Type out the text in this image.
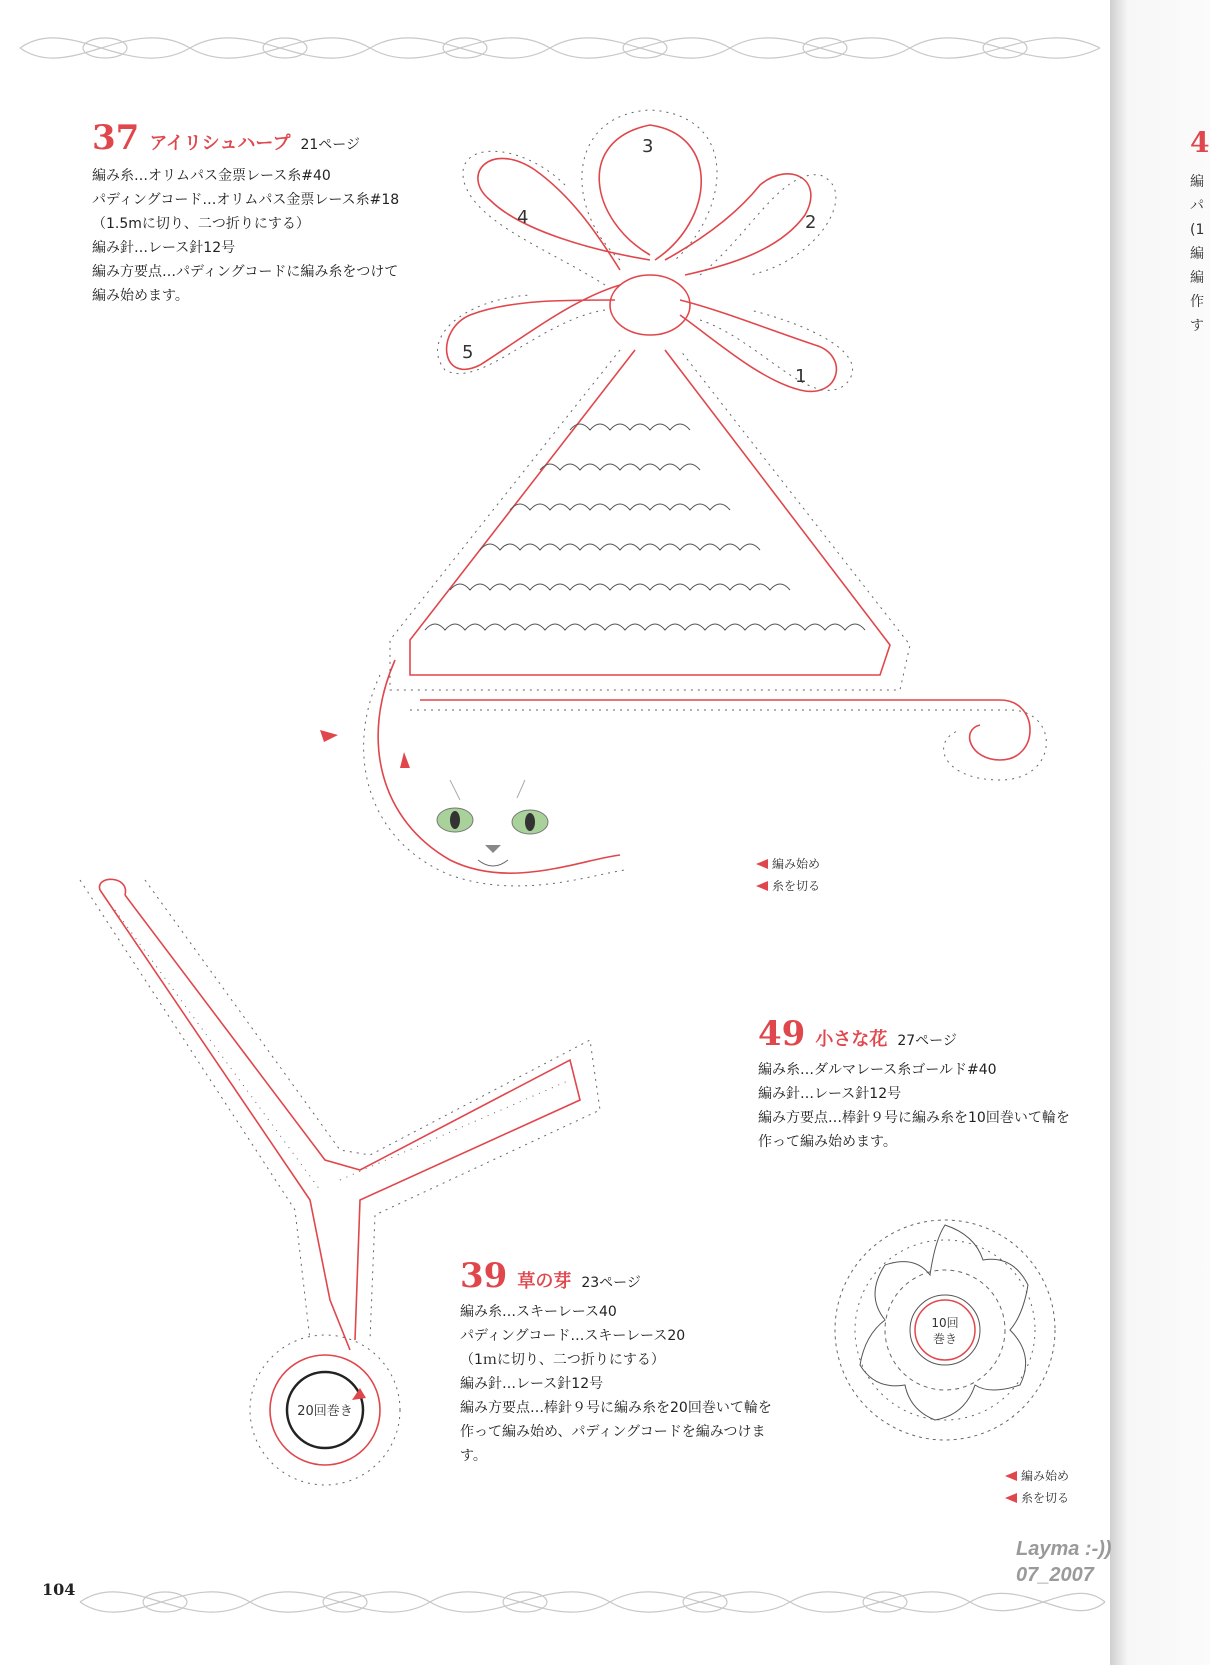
37 アイリシュハープ 21ページ
編み糸…オリムパス金票レース糸#40
パディングコード…オリムパス金票レース糸#18
（1.5mに切り、二つ折りにする）
編み針…レース針12号
編み方要点…パディングコードに編み糸をつけて
編み始めます。
3
2
4
5
1
編み始め
糸を切る
49 小さな花 27ページ
編み糸…ダルマレース糸ゴールド#40
編み針…レース針12号
編み方要点…棒針９号に編み糸を10回巻いて輪を
作って編み始めます。
10回
巻き
編み始め
糸を切る
20回巻き
39 草の芽 23ページ
編み糸…スキーレース40
パディングコード…スキーレース20
（1ｍに切り、二つ折りにする）
編み針…レース針12号
編み方要点…棒針９号に編み糸を20回巻いて輪を
作って編み始め、パディングコードを編みつけま
す。
4
編
パ
(1
編
編
作
す
104
Layma :-))
07_2007
